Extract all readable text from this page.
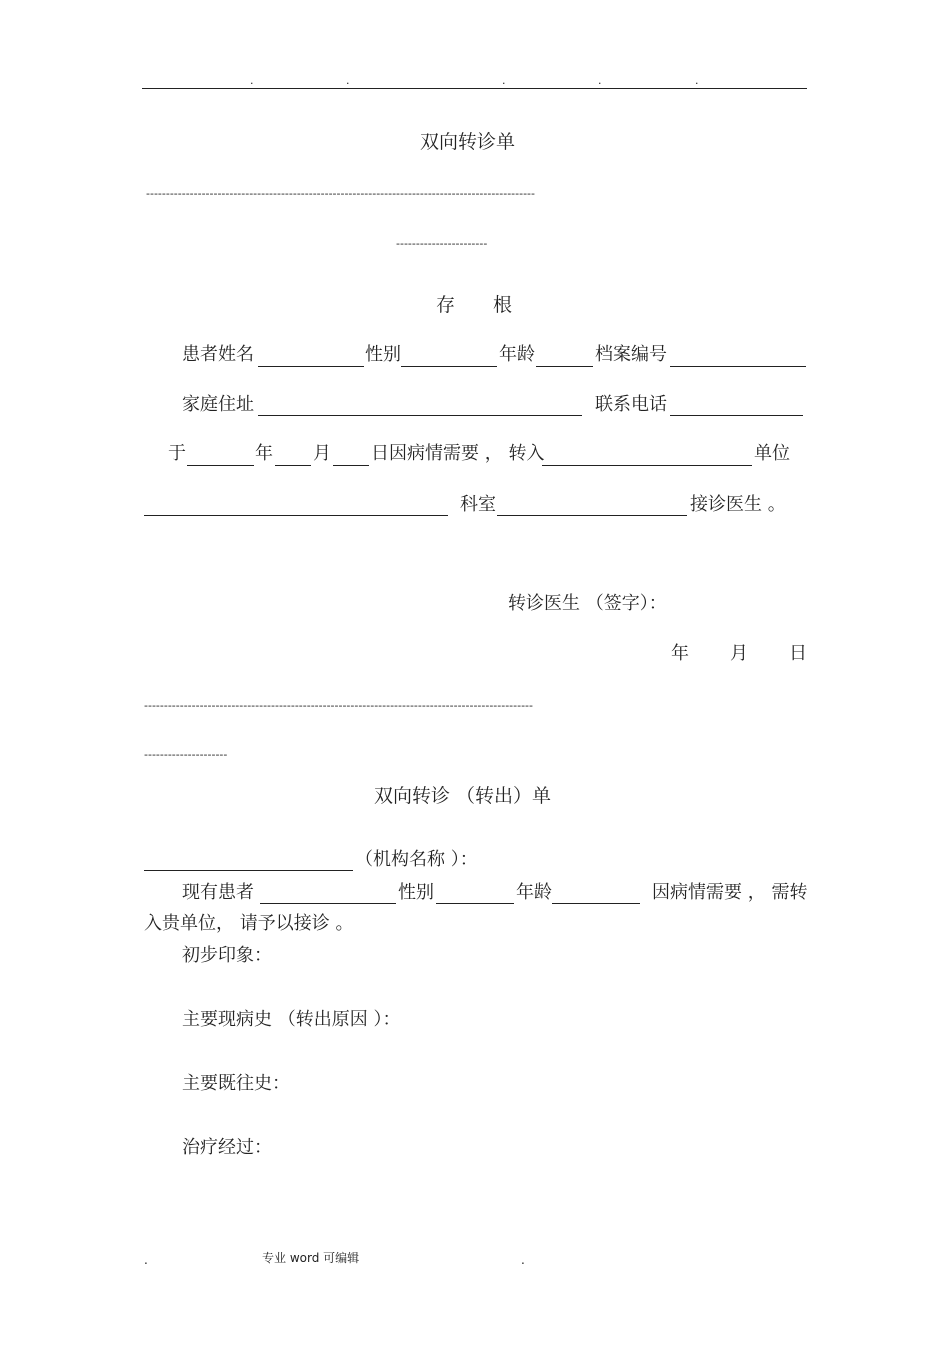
.	.	.	.	.
双向转诊单
--------------------------------------------------------------------------------------------------
-----------------------
存　　根
患者姓名	性别	年龄	档案编号
家庭住址	联系电话
于	年 月 日因病情需要 ， 转入	单位
科室	接诊医生 。
转诊医生 （签字）：
年 月 日
--------------------------------------------------------------------------------------------------
---------------------
双向转诊 （转出）单
（机构名称 ）：
现有患者	性别	年龄	因病情需要 ， 需转
入贵单位， 请予以接诊 。
初步印象：
主要现病史 （转出原因 ）：
主要既往史：
治疗经过：
.	专业 word 可编辑	.
